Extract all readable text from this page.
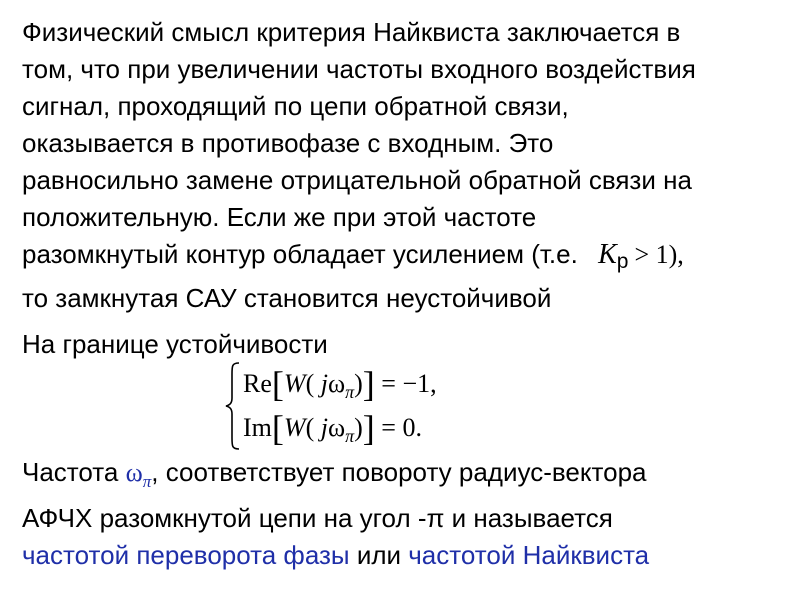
Физический смысл критерия Найквиста заключается в
том, что при увеличении частоты входного воздействия
сигнал, проходящий по цепи обратной связи,
оказывается в противофазе с входным. Это
равносильно замене отрицательной обратной связи на
положительную. Если же при этой частоте
разомкнутый контур обладает усилением (т.е. Kp > 1),
то замкнутая САУ становится неустойчивой
На границе устойчивости
Re[W( $j\omega_\pi)] = -1$,
Im[W( $j\omega_\pi)] = 0$.
Частота $\omega_\pi$, соответствует повороту радиус-вектора
АФЧХ разомкнутой цепи на угол -π и называется
частотой переворота фазы или частотой Найквиста
